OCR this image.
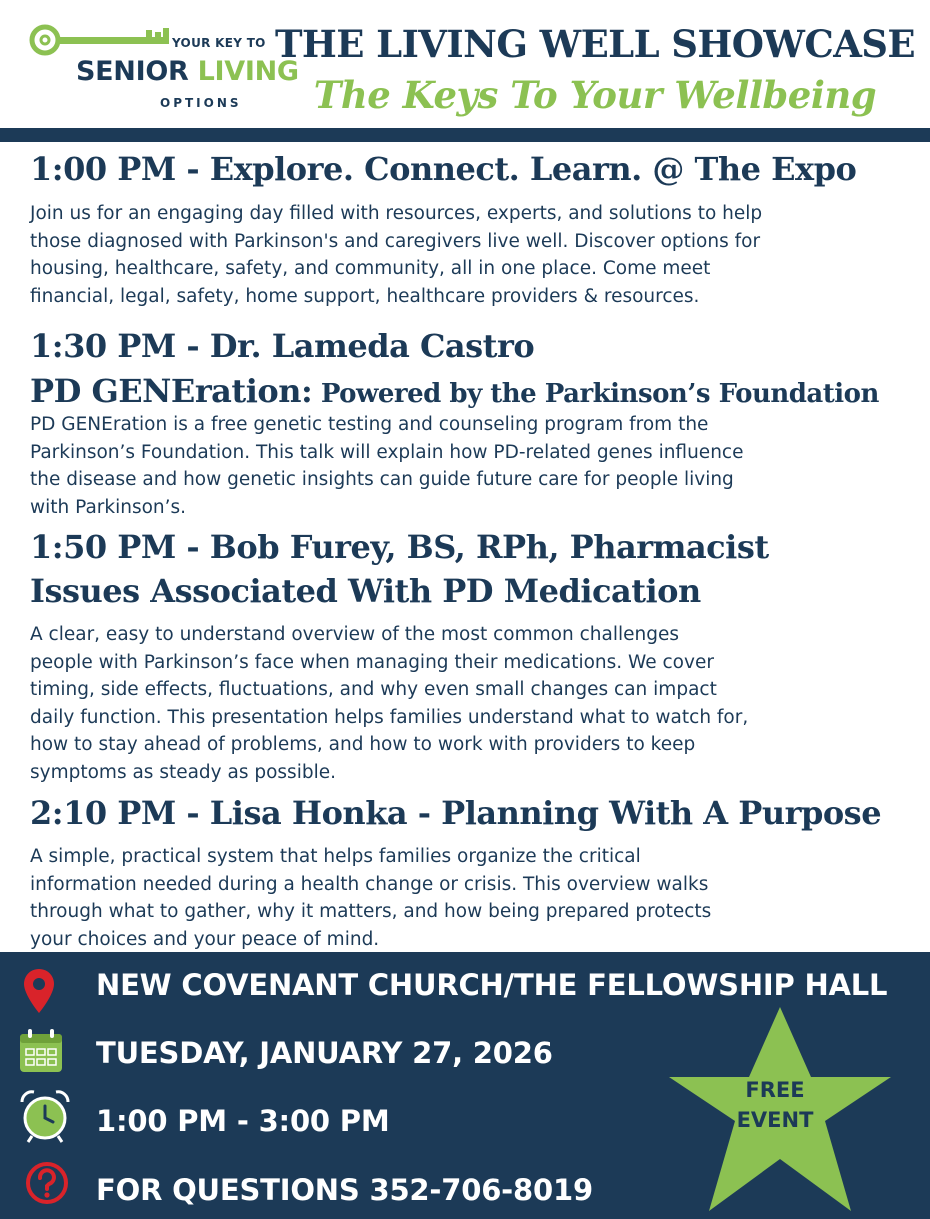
YOUR KEY TO
SENIOR LIVING
OPTIONS
THE LIVING WELL SHOWCASE
The Keys To Your Wellbeing
1:00 PM - Explore. Connect. Learn. @ The Expo
Join us for an engaging day filled with resources, experts, and solutions to help
those diagnosed with Parkinson's and caregivers live well. Discover options for
housing, healthcare, safety, and community, all in one place. Come meet
financial, legal, safety, home support, healthcare providers & resources.
1:30 PM - Dr. Lameda Castro
PD GENEration: Powered by the Parkinson’s Foundation
PD GENEration is a free genetic testing and counseling program from the
Parkinson’s Foundation. This talk will explain how PD-related genes influence
the disease and how genetic insights can guide future care for people living
with Parkinson’s.
1:50 PM - Bob Furey, BS, RPh, Pharmacist
Issues Associated With PD Medication
A clear, easy to understand overview of the most common challenges
people with Parkinson’s face when managing their medications. We cover
timing, side effects, fluctuations, and why even small changes can impact
daily function. This presentation helps families understand what to watch for,
how to stay ahead of problems, and how to work with providers to keep
symptoms as steady as possible.
2:10 PM - Lisa Honka - Planning With A Purpose
A simple, practical system that helps families organize the critical
information needed during a health change or crisis. This overview walks
through what to gather, why it matters, and how being prepared protects
your choices and your peace of mind.
NEW COVENANT CHURCH/THE FELLOWSHIP HALL
TUESDAY, JANUARY 27, 2026
1:00 PM - 3:00 PM
FOR QUESTIONS 352-706-8019
FREE
EVENT
